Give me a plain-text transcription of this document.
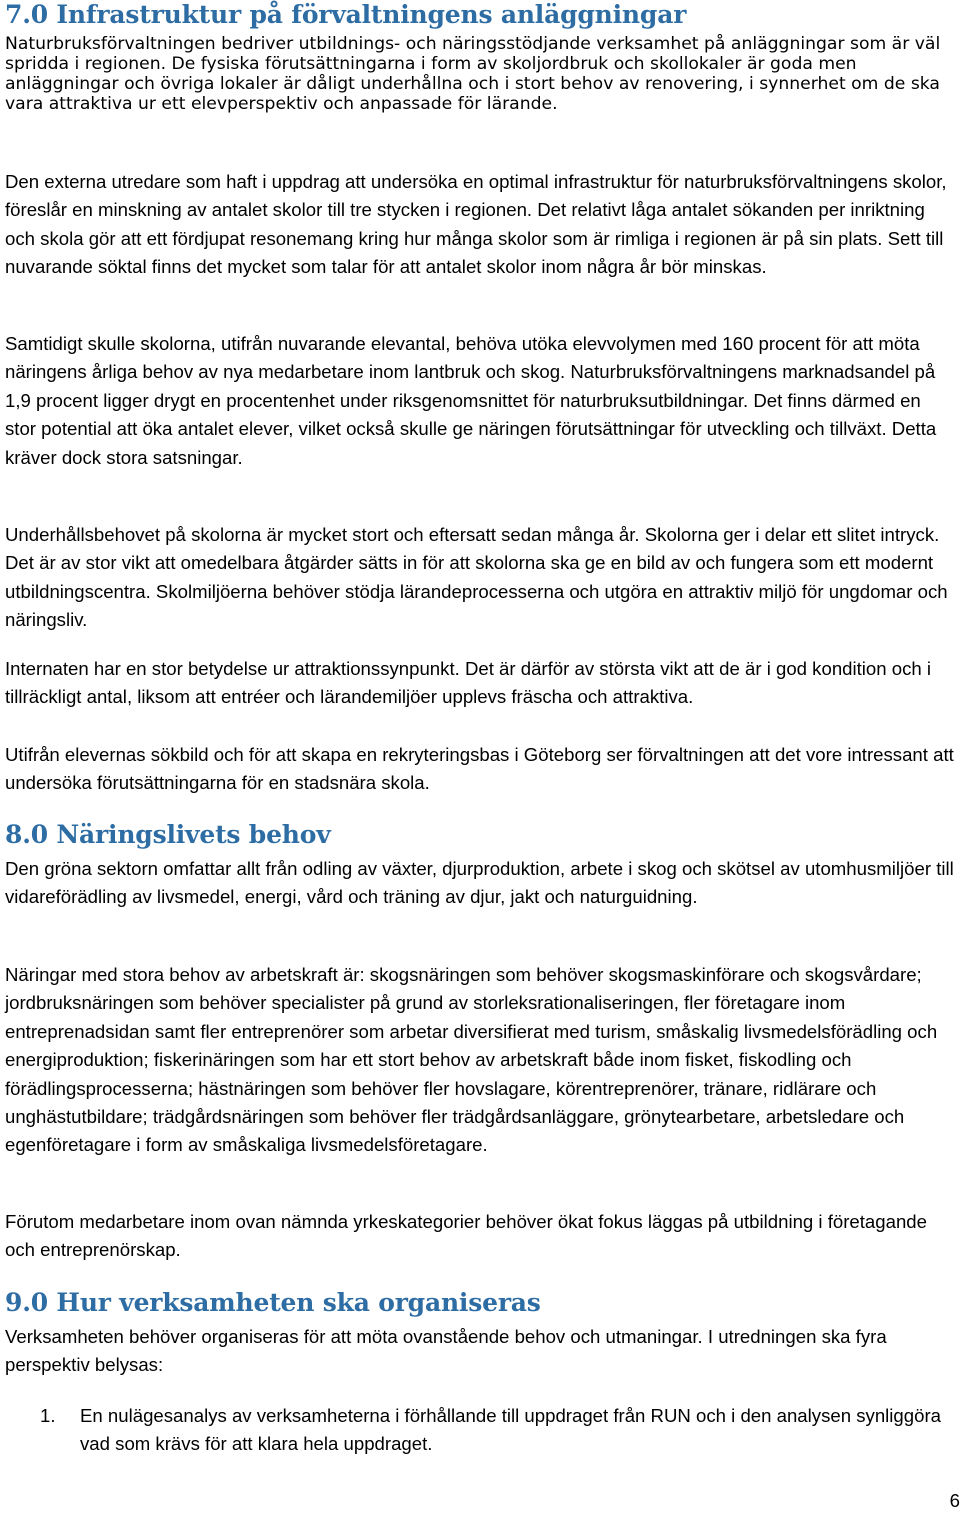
7.0 Infrastruktur på förvaltningens anläggningar

Naturbruksförvaltningen bedriver utbildnings- och näringsstödjande verksamhet på anläggningar som är väl spridda i regionen. De fysiska förutsättningarna i form av skoljordbruk och skollokaler är goda men anläggningar och övriga lokaler är dåligt underhållna och i stort behov av renovering, i synnerhet om de ska vara attraktiva ur ett elevperspektiv och anpassade för lärande.

Den externa utredare som haft i uppdrag att undersöka en optimal infrastruktur för naturbruksförvaltningens skolor, föreslår en minskning av antalet skolor till tre stycken i regionen. Det relativt låga antalet sökanden per inriktning och skola gör att ett fördjupat resonemang kring hur många skolor som är rimliga i regionen är på sin plats. Sett till nuvarande söktal finns det mycket som talar för att antalet skolor inom några år bör minskas.

Samtidigt skulle skolorna, utifrån nuvarande elevantal, behöva utöka elevvolymen med 160 procent för att möta näringens årliga behov av nya medarbetare inom lantbruk och skog. Naturbruksförvaltningens marknadsandel på 1,9 procent ligger drygt en procentenhet under riksgenomsnittet för naturbruksutbildningar. Det finns därmed en stor potential att öka antalet elever, vilket också skulle ge näringen förutsättningar för utveckling och tillväxt. Detta kräver dock stora satsningar.

Underhållsbehovet på skolorna är mycket stort och eftersatt sedan många år. Skolorna ger i delar ett slitet intryck. Det är av stor vikt att omedelbara åtgärder sätts in för att skolorna ska ge en bild av och fungera som ett modernt utbildningscentra. Skolmiljöerna behöver stödja lärandeprocesserna och utgöra en attraktiv miljö för ungdomar och näringsliv.

Internaten har en stor betydelse ur attraktionssynpunkt. Det är därför av största vikt att de är i god kondition och i tillräckligt antal, liksom att entréer och lärandemiljöer upplevs fräscha och attraktiva.

Utifrån elevernas sökbild och för att skapa en rekryteringsbas i Göteborg ser förvaltningen att det vore intressant att undersöka förutsättningarna för en stadsnära skola.

8.0 Näringslivets behov

Den gröna sektorn omfattar allt från odling av växter, djurproduktion, arbete i skog och skötsel av utomhusmiljöer till vidareförädling av livsmedel, energi, vård och träning av djur, jakt och naturguidning.

Näringar med stora behov av arbetskraft är: skogsnäringen som behöver skogsmaskinförare och skogsvårdare; jordbruksnäringen som behöver specialister på grund av storleksrationaliseringen, fler företagare inom entreprenadsidan samt fler entreprenörer som arbetar diversifierat med turism, småskalig livsmedelsförädling och energiproduktion; fiskerinäringen som har ett stort behov av arbetskraft både inom fisket, fiskodling och förädlingsprocesserna; hästnäringen som behöver fler hovslagare, körentreprenörer, tränare, ridlärare och unghästutbildare; trädgårdsnäringen som behöver fler trädgårdsanläggare, grönytearbetare, arbetsledare och egenföretagare i form av småskaliga livsmedelsföretagare.

Förutom medarbetare inom ovan nämnda yrkeskategorier behöver ökat fokus läggas på utbildning i företagande och entreprenörskap.

9.0 Hur verksamheten ska organiseras

Verksamheten behöver organiseras för att möta ovanstående behov och utmaningar. I utredningen ska fyra perspektiv belysas:

1.	En nulägesanalys av verksamheterna i förhållande till uppdraget från RUN och i den analysen synliggöra vad som krävs för att klara hela uppdraget.
6
